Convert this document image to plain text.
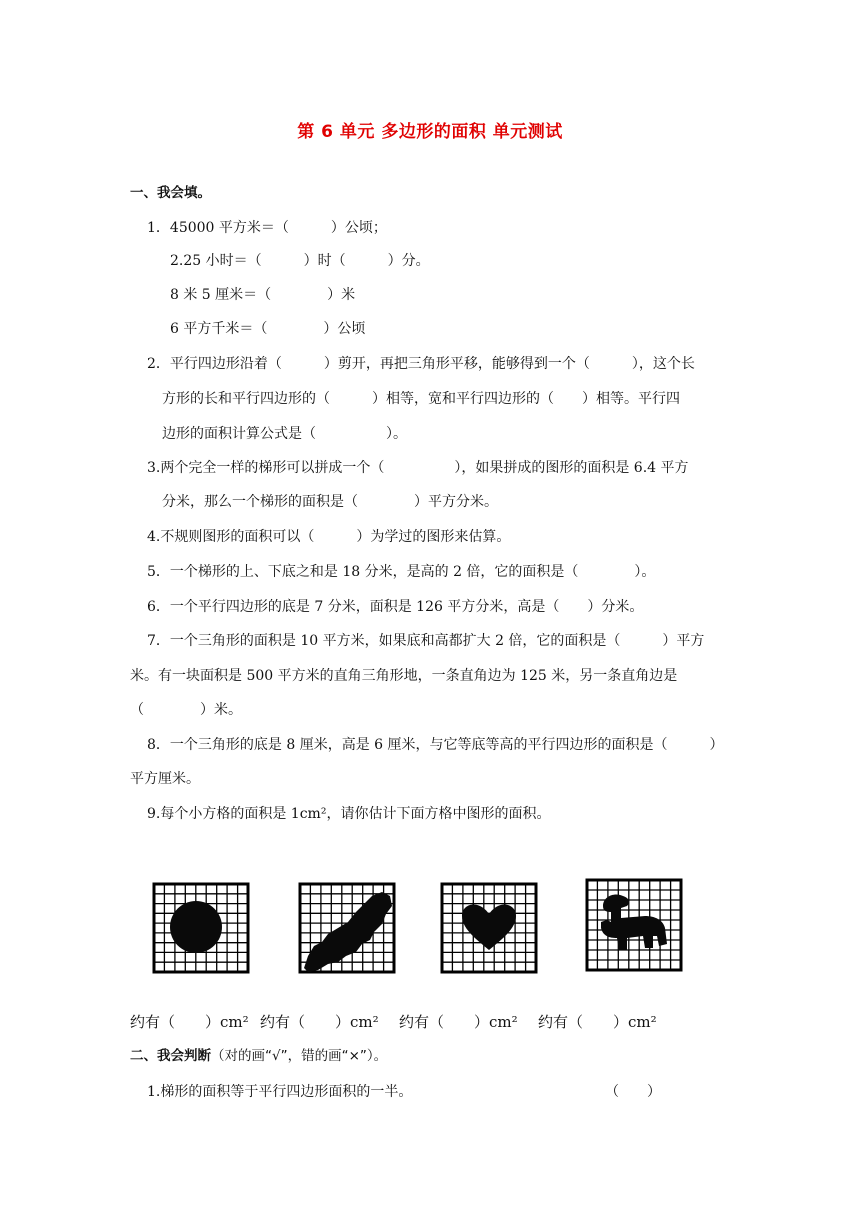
第 6 单元 多边形的面积 单元测试
一、我会填。
1．45000 平方米＝（　　　）公顷；
2.25 小时＝（　　　）时（　　　）分。
8 米 5 厘米＝（　　　　）米
6 平方千米＝（　　　　）公顷
2．平行四边形沿着（　　　）剪开，再把三角形平移，能够得到一个（　　　），这个长
方形的长和平行四边形的（　　　）相等，宽和平行四边形的（　　）相等。平行四
边形的面积计算公式是（　　　　　）。
3.两个完全一样的梯形可以拼成一个（　　　　　），如果拼成的图形的面积是 6.4 平方
分米，那么一个梯形的面积是（　　　　）平方分米。
4.不规则图形的面积可以（　　　）为学过的图形来估算。
5．一个梯形的上、下底之和是 18 分米，是高的 2 倍，它的面积是（　　　　）。
6．一个平行四边形的底是 7 分米，面积是 126 平方分米，高是（　　）分米。
7．一个三角形的面积是 10 平方米，如果底和高都扩大 2 倍，它的面积是（　　　）平方
米。有一块面积是 500 平方米的直角三角形地，一条直角边为 125 米，另一条直角边是
（　　　　）米。
8．一个三角形的底是 8 厘米，高是 6 厘米，与它等底等高的平行四边形的面积是（　　　）
平方厘米。
9.每个小方格的面积是 1cm²，请你估计下面方格中图形的面积。
约有（　　）cm² 约有（　　）cm² 约有（　　）cm² 约有（　　）cm²
二、我会判断（对的画“√”，错的画“×”）。
1.梯形的面积等于平行四边形面积的一半。	（　　）
